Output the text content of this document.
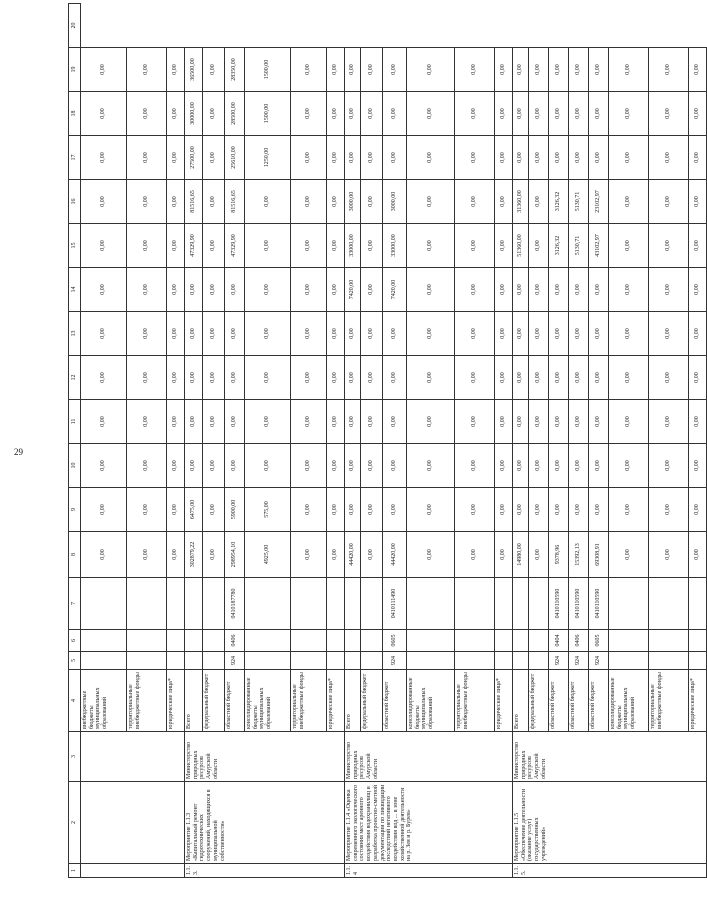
29
1	2	3	4	5	6	7	8	9	10	11	12	13	14	15	16	17	18	19	20
			внебюджетные бюджеты муниципальных образований				0,00	0,00	0,00	0,00	0,00	0,00	0,00	0,00	0,00	0,00	0,00	0,00	
			территориальные внебюджетные фонды				0,00	0,00	0,00	0,00	0,00	0,00	0,00	0,00	0,00	0,00	0,00	0,00	
			юридические лица*				0,00	0,00	0,00	0,00	0,00	0,00	0,00	0,00	0,00	0,00	0,00	0,00	
1.1.3.	Мероприятие 1.1.3 «Капитальный ремонт гидротехнических сооружений, находящихся в муниципальной собственности»	Министерство природных ресурсов Амурской области	Всего				302879,22	6475,00	0,00	0,00	0,00	0,00	0,00	47329,90	81516,65	27500,00	30000,00	36500,00	
			федеральный бюджет				0,00	0,00	0,00	0,00	0,00	0,00	0,00	0,00	0,00	0,00	0,00	0,00	
			областной бюджет	924	0406	0410187780	298954,10	5900,00	0,00	0,00	0,00	0,00	0,00	47329,90	81516,65	25610,00	28500,00	28350,00	
			консолидированные бюджеты муниципальных образований				4925,00	575,00	0,00	0,00	0,00	0,00	0,00	0,00	0,00	1250,00	1500,00	1500,00	
			территориальные внебюджетные фонды				0,00	0,00	0,00	0,00	0,00	0,00	0,00	0,00	0,00	0,00	0,00	0,00	
			юридические лица*				0,00	0,00	0,00	0,00	0,00	0,00	0,00	0,00	0,00	0,00	0,00	0,00	
1.1.4	Мероприятие 1.1.4 «Оценка современного экологического состояния мест аренного воздействия водохранилищ и разработка проектно-сметной документации по ликвидации последствий негативного воздействия вод ... в зоне хозяйственной деятельности на р. Зея и р. Бурея»	Министерство природных ресурсов Амурской области	Всего				44420,00	0,00	0,00	0,00	0,00	0,00	7420,00	33000,00	3000,00	0,00	0,00	0,00	
			федеральный бюджет				0,00	0,00	0,00	0,00	0,00	0,00	0,00	0,00	0,00	0,00	0,00	0,00	
			областной бюджет	924	0605	0410111490	44420,00	0,00	0,00	0,00	0,00	0,00	7420,00	33000,00	3000,00	0,00	0,00	0,00	
			консолидированные бюджеты муниципальных образований				0,00	0,00	0,00	0,00	0,00	0,00	0,00	0,00	0,00	0,00	0,00	0,00	
			территориальные внебюджетные фонды				0,00	0,00	0,00	0,00	0,00	0,00	0,00	0,00	0,00	0,00	0,00	0,00	
			юридические лица*				0,00	0,00	0,00	0,00	0,00	0,00	0,00	0,00	0,00	0,00	0,00	0,00	
1.1.5.	Мероприятие 1.1.5 «Обеспечение деятельности (оказание услуг) государственных учреждений»	Министерство природных ресурсов Амурской области	Всего				14980,00	0,00	0,00	0,00	0,00	0,00	0,00	51360,00	31360,00	0,00	0,00	0,00	
			федеральный бюджет				0,00	0,00	0,00	0,00	0,00	0,00	0,00	0,00	0,00	0,00	0,00	0,00	
			областной бюджет	924	0404	0410110590	9378,96	0,00	0,00	0,00	0,00	0,00	0,00	3126,32	3126,32	0,00	0,00	0,00	
			областной бюджет	924	0406	0410110590	15392,13	0,00	0,00	0,00	0,00	0,00	0,00	5130,71	5130,71	0,00	0,00	0,00	
			областной бюджет	924	0605	0410110590	69308,91	0,00	0,00	0,00	0,00	0,00	0,00	43102,97	23102,97	0,00	0,00	0,00	
			консолидированные бюджеты муниципальных образований				0,00	0,00	0,00	0,00	0,00	0,00	0,00	0,00	0,00	0,00	0,00	0,00	
			территориальные внебюджетные фонды				0,00	0,00	0,00	0,00	0,00	0,00	0,00	0,00	0,00	0,00	0,00	0,00	
			юридические лица*				0,00	0,00	0,00	0,00	0,00	0,00	0,00	0,00	0,00	0,00	0,00	0,00	
